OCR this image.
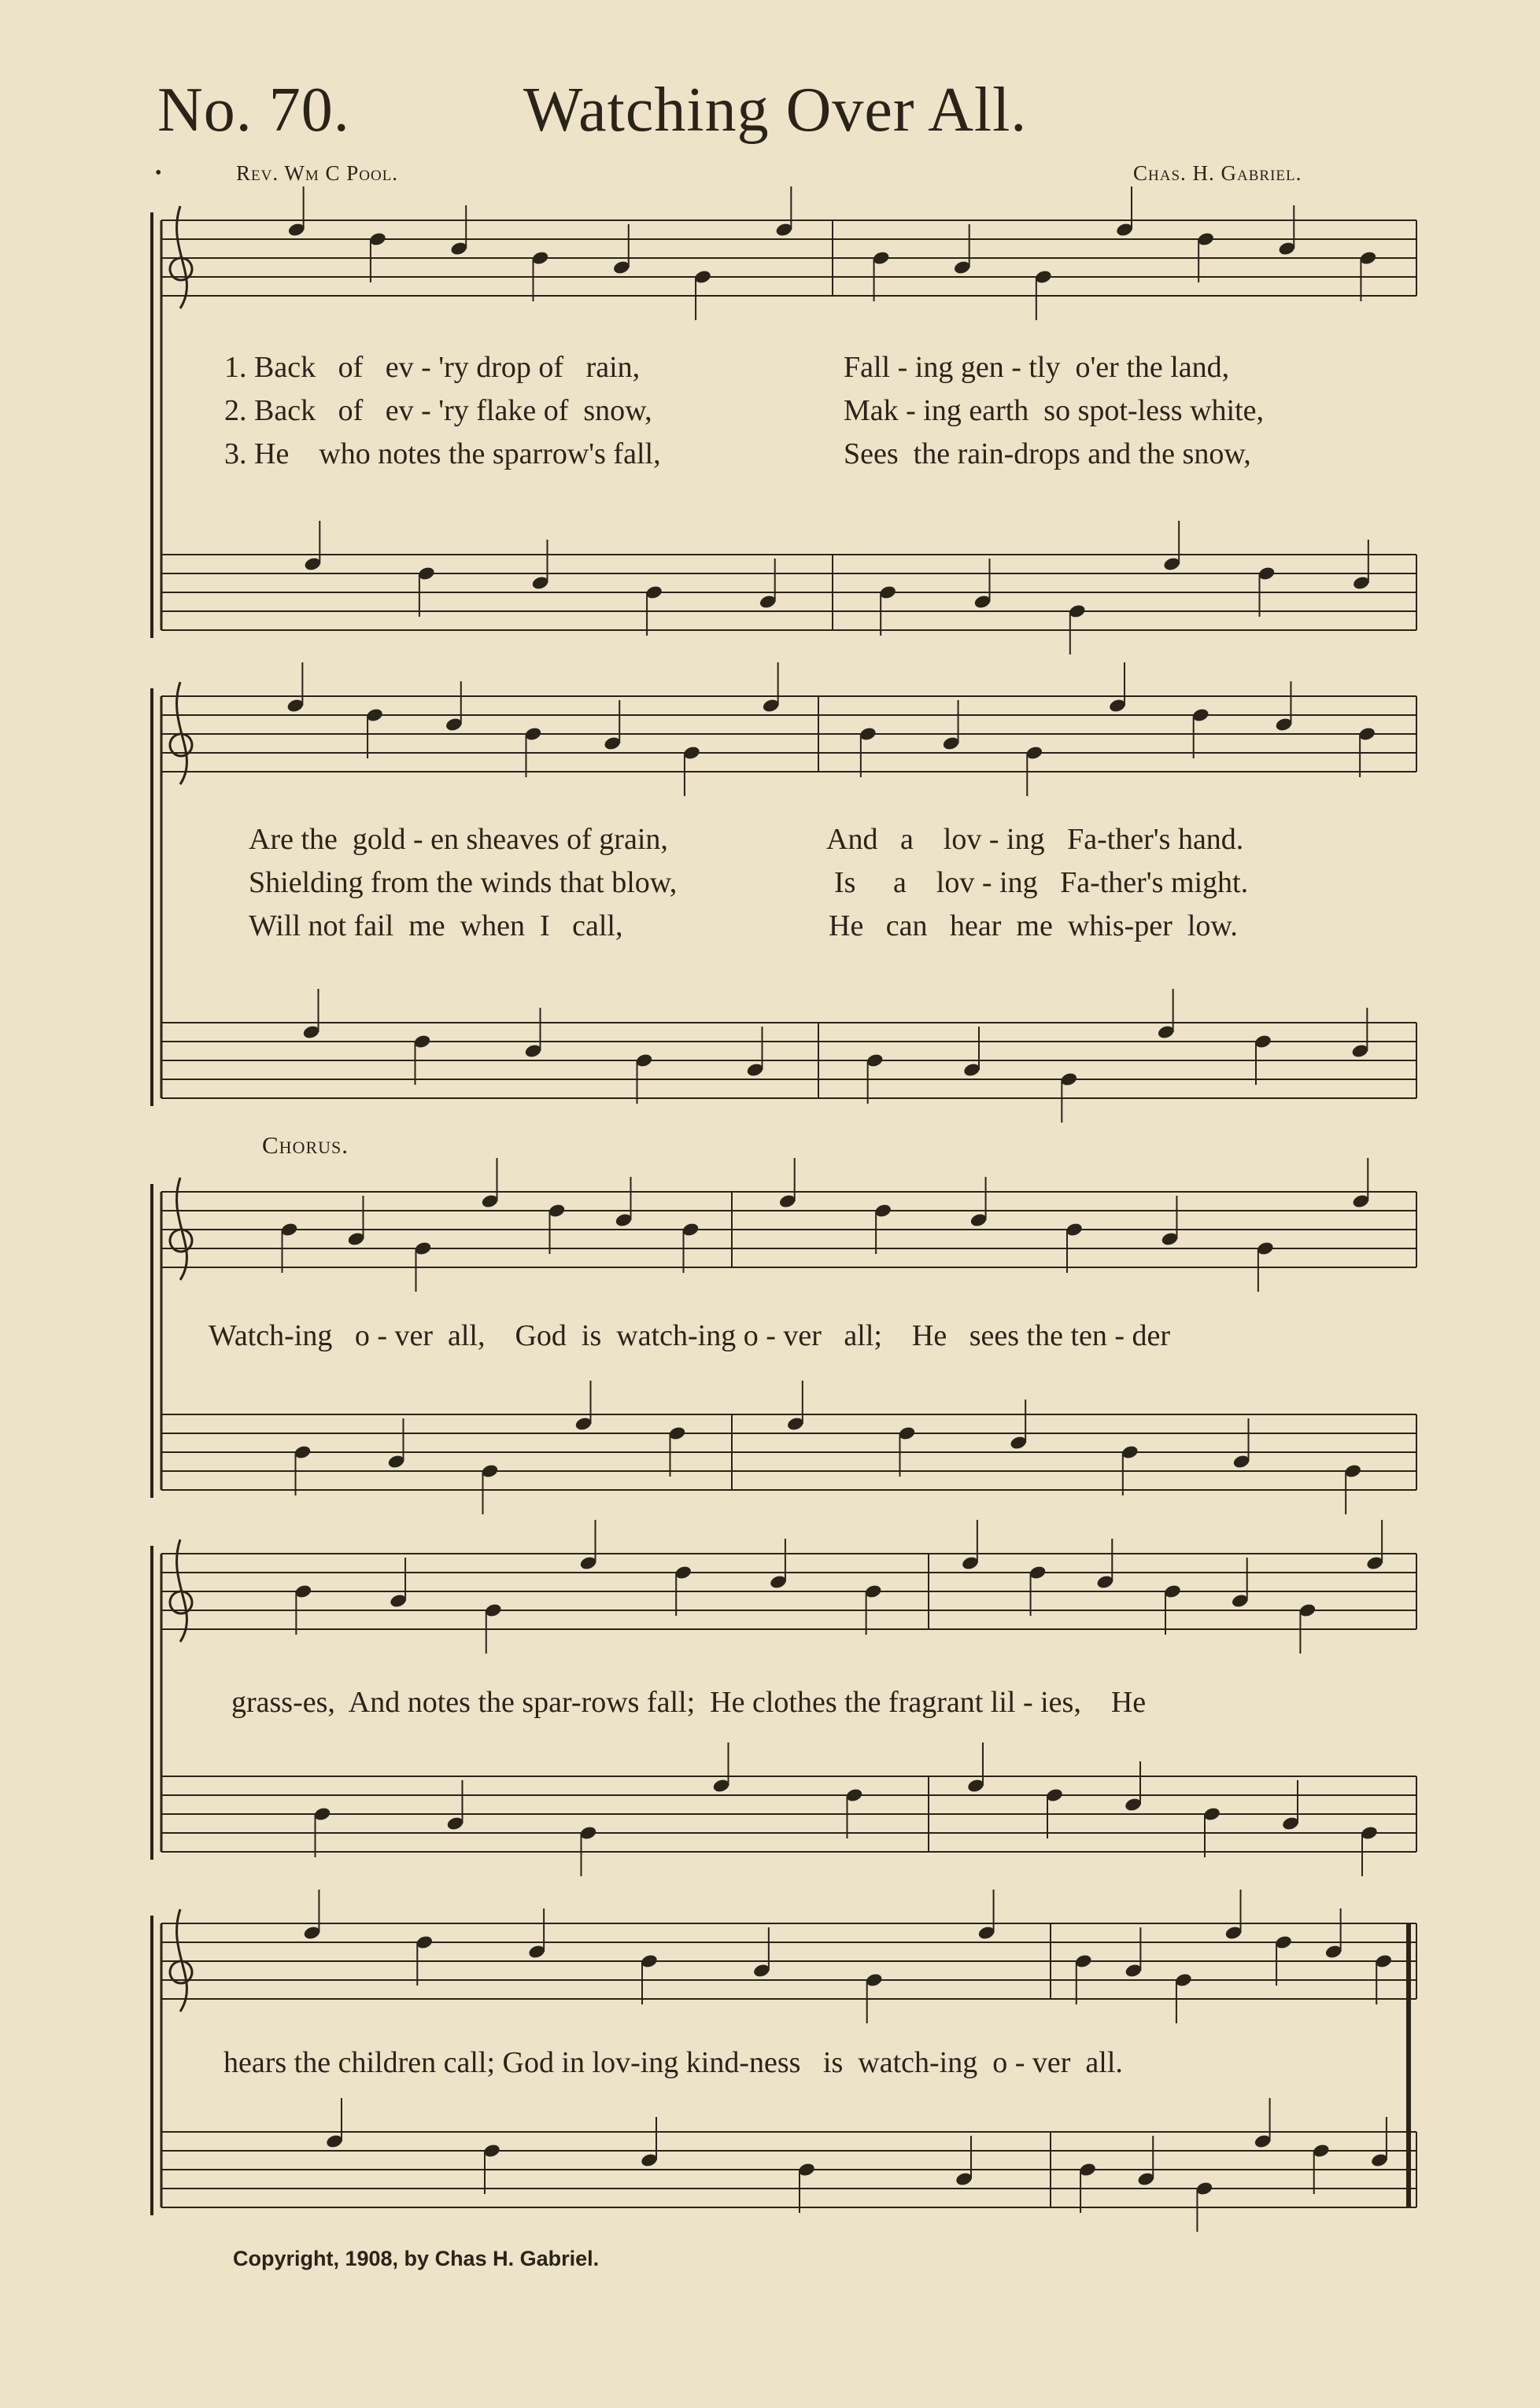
No. 70.	Watching Over All.
•	Rev. Wm C Pool.	Chas. H. Gabriel.
1. Back   of   ev - 'ry drop of   rain,
2. Back   of   ev - 'ry flake of  snow,
3. He    who notes the sparrow's fall,
Fall - ing gen - tly  o'er the land,
Mak - ing earth  so spot-less white,
Sees  the rain-drops and the snow,
Are the  gold - en sheaves of grain,
Shielding from the winds that blow,
Will not fail  me  when  I   call,
And   a    lov - ing   Fa-ther's hand.
Is     a    lov - ing   Fa-ther's might.
He   can   hear  me  whis-per  low.
Chorus.
Watch-ing   o - ver  all,    God  is  watch-ing o - ver   all;    He   sees the ten - der
grass-es,  And notes the spar-rows fall;  He clothes the fragrant lil - ies,    He
hears the children call; God in lov-ing kind-ness   is  watch-ing  o - ver  all.
Copyright, 1908, by Chas H. Gabriel.
